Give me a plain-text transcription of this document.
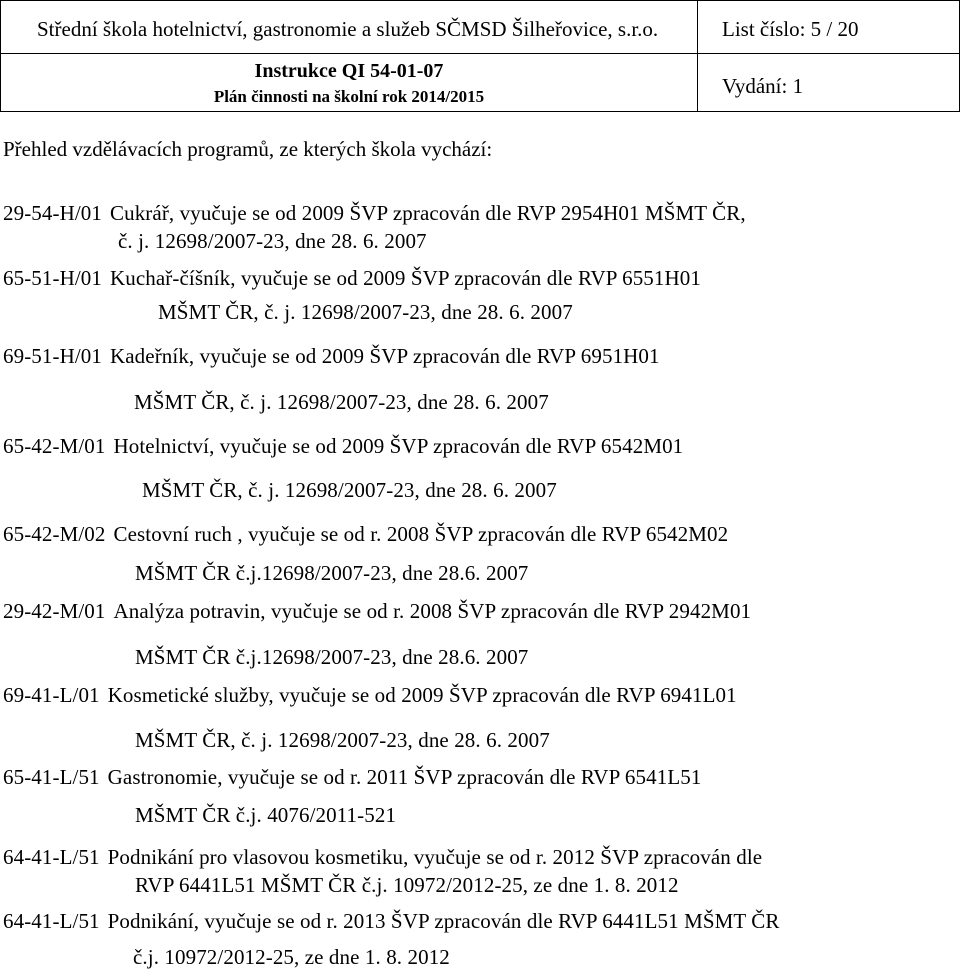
Střední škola hotelnictví, gastronomie a služeb SČMSD Šilheřovice, s.r.o.	List číslo: 5 / 20
Instrukce QI 54-01-07
Plán činnosti na školní rok 2014/2015	Vydání: 1
Přehled vzdělávacích programů, ze kterých škola vychází:
29-54-H/01 Cukrář, vyučuje se od 2009 ŠVP zpracován dle RVP 2954H01 MŠMT ČR,
č. j. 12698/2007-23, dne 28. 6. 2007
65-51-H/01 Kuchař-číšník, vyučuje se od 2009 ŠVP zpracován dle RVP 6551H01
MŠMT ČR, č. j. 12698/2007-23, dne 28. 6. 2007
69-51-H/01 Kadeřník, vyučuje se od 2009 ŠVP zpracován dle RVP 6951H01
MŠMT ČR, č. j. 12698/2007-23, dne 28. 6. 2007
65-42-M/01 Hotelnictví, vyučuje se od 2009 ŠVP zpracován dle RVP 6542M01
MŠMT ČR, č. j. 12698/2007-23, dne 28. 6. 2007
65-42-M/02 Cestovní ruch , vyučuje se od r. 2008 ŠVP zpracován dle RVP 6542M02
MŠMT ČR č.j.12698/2007-23, dne 28.6. 2007
29-42-M/01 Analýza potravin, vyučuje se od r. 2008 ŠVP zpracován dle RVP 2942M01
MŠMT ČR č.j.12698/2007-23, dne 28.6. 2007
69-41-L/01 Kosmetické služby, vyučuje se od 2009 ŠVP zpracován dle RVP 6941L01
MŠMT ČR, č. j. 12698/2007-23, dne 28. 6. 2007
65-41-L/51 Gastronomie, vyučuje se od r. 2011 ŠVP zpracován dle RVP 6541L51
MŠMT ČR č.j. 4076/2011-521
64-41-L/51 Podnikání pro vlasovou kosmetiku, vyučuje se od r. 2012 ŠVP zpracován dle
RVP 6441L51 MŠMT ČR č.j. 10972/2012-25, ze dne 1. 8. 2012
64-41-L/51 Podnikání, vyučuje se od r. 2013 ŠVP zpracován dle RVP 6441L51 MŠMT ČR
č.j. 10972/2012-25, ze dne 1. 8. 2012
